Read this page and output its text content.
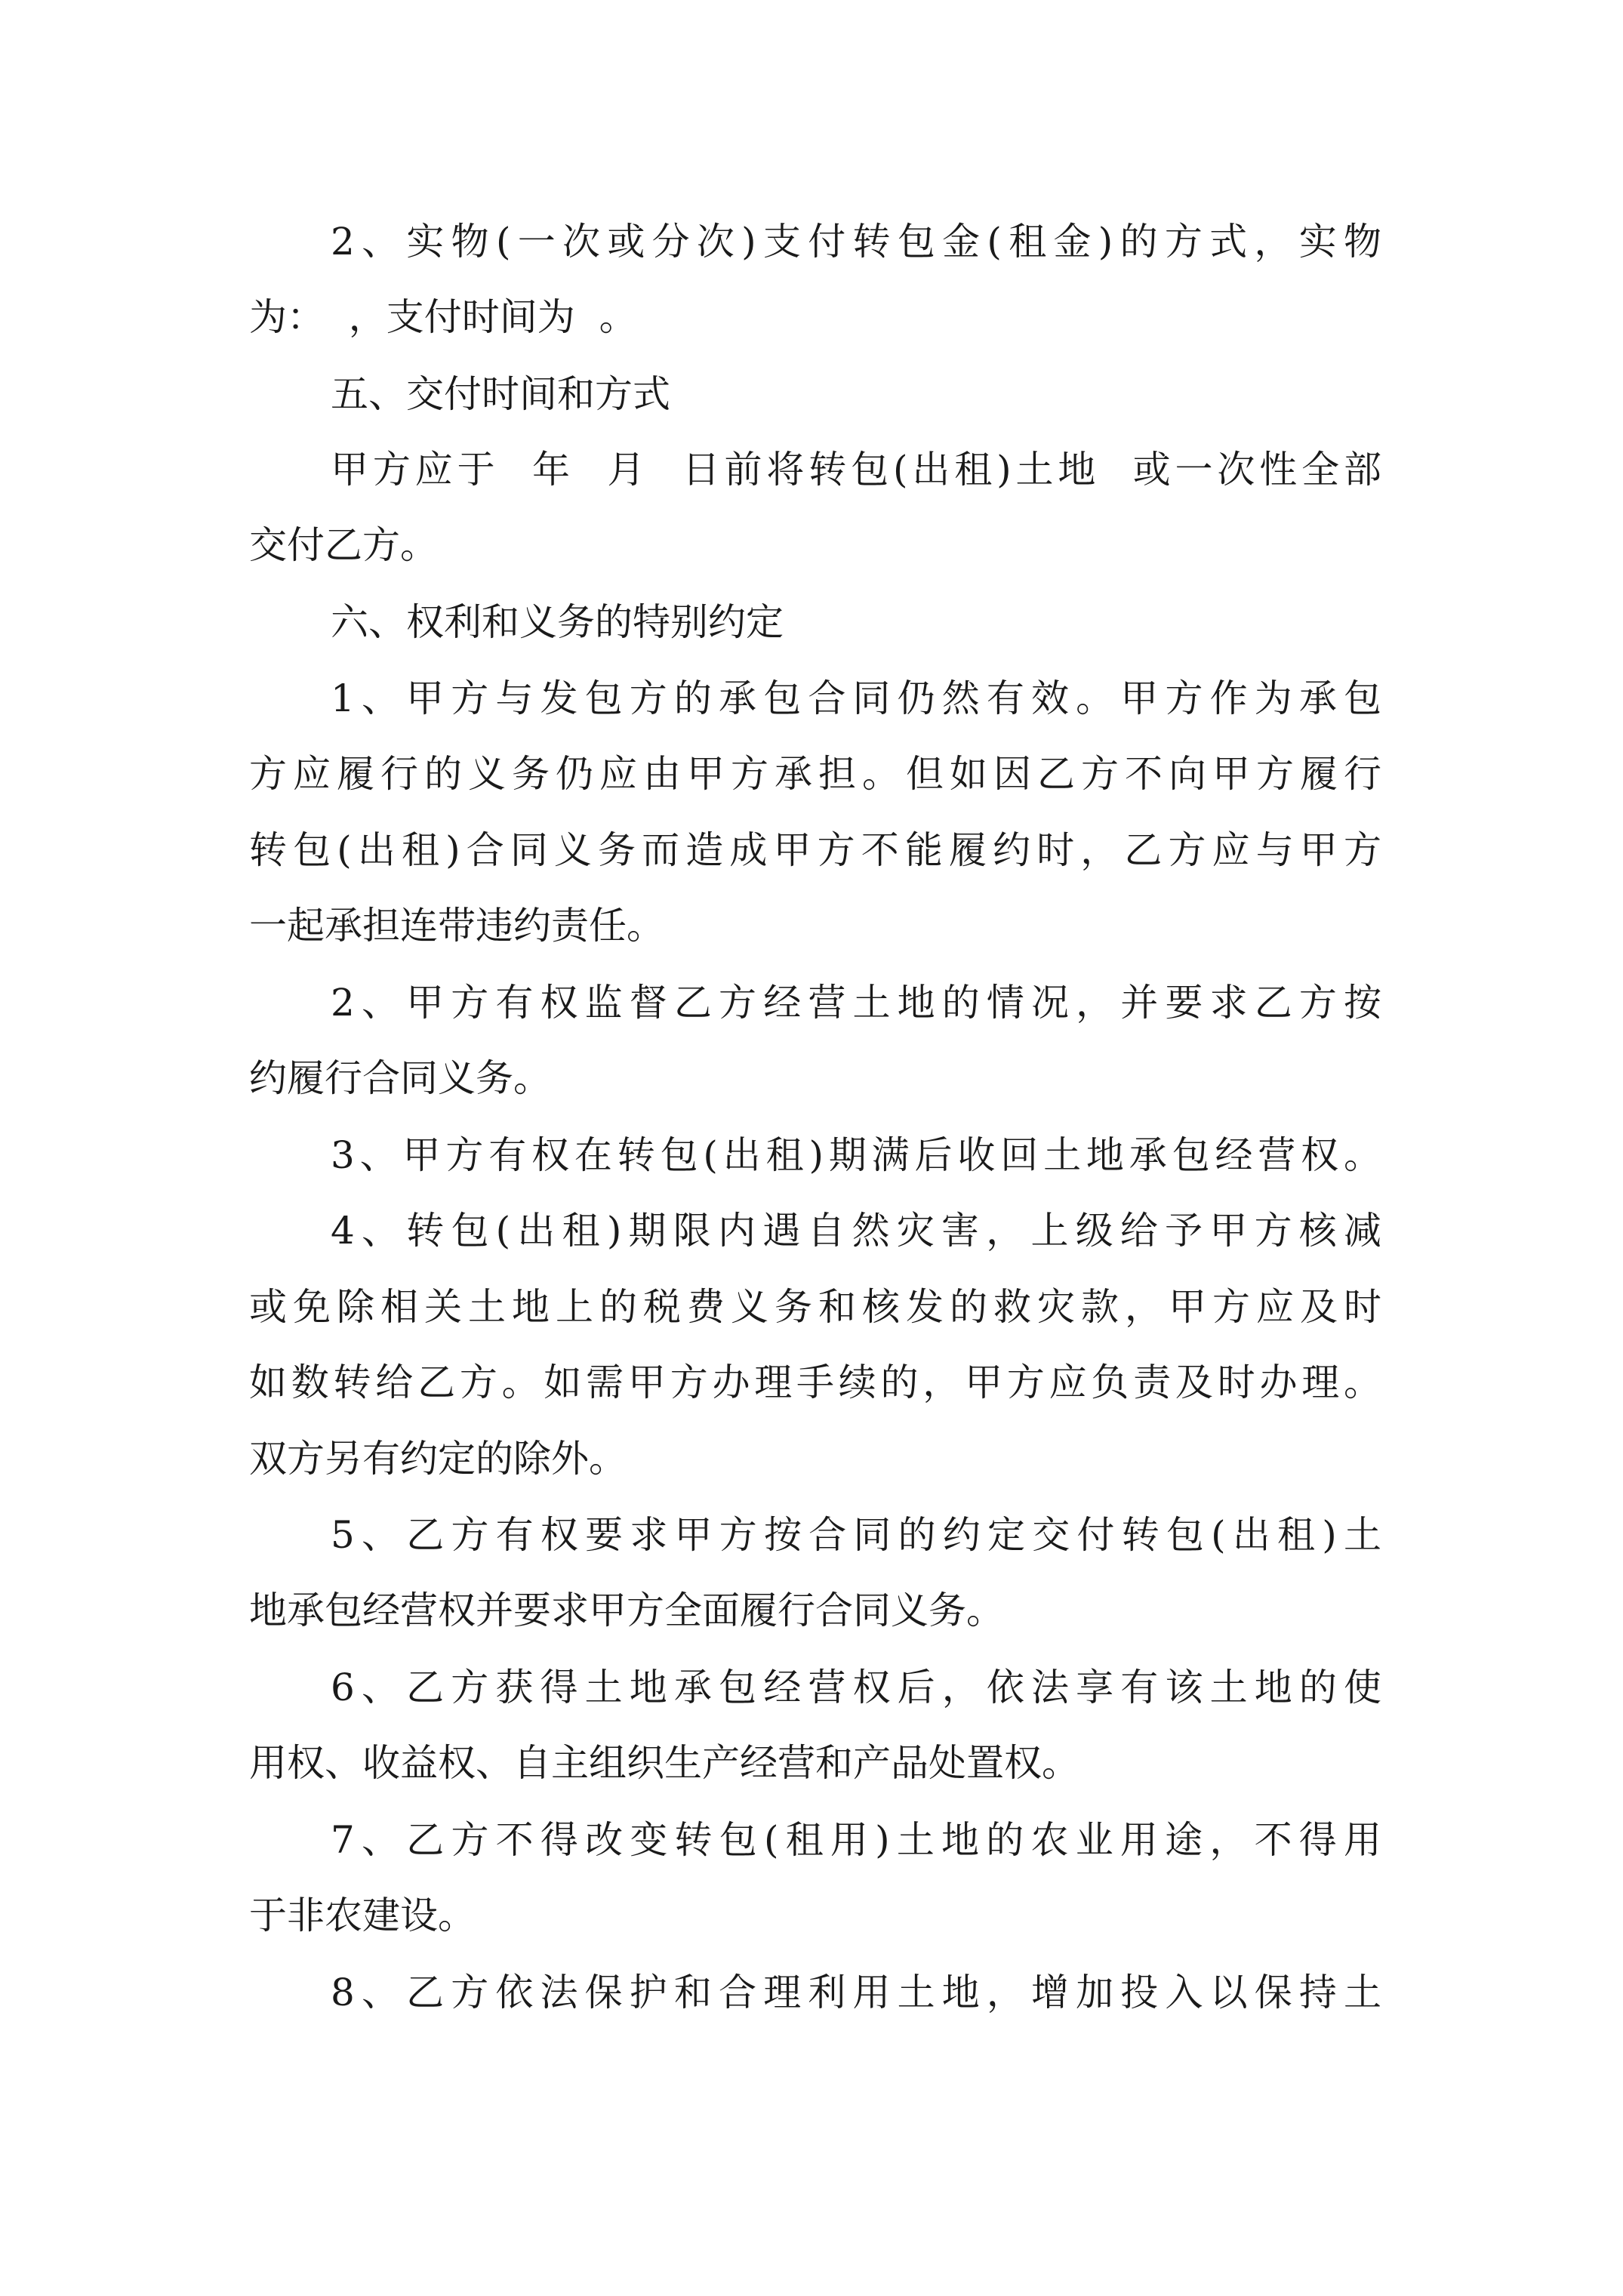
2、实物(一次或分次)支付转包金(租金)的方式，实物
为：  ，支付时间为  。
五、交付时间和方式
甲方应于  年  月  日前将转包(出租)土地  或一次性全部
交付乙方。
六、权利和义务的特别约定
1、甲方与发包方的承包合同仍然有效。甲方作为承包
方应履行的义务仍应由甲方承担。但如因乙方不向甲方履行
转包(出租)合同义务而造成甲方不能履约时，乙方应与甲方
一起承担连带违约责任。
2、甲方有权监督乙方经营土地的情况，并要求乙方按
约履行合同义务。
3、甲方有权在转包(出租)期满后收回土地承包经营权。
4、转包(出租)期限内遇自然灾害，上级给予甲方核减
或免除相关土地上的税费义务和核发的救灾款，甲方应及时
如数转给乙方。如需甲方办理手续的，甲方应负责及时办理。
双方另有约定的除外。
5、乙方有权要求甲方按合同的约定交付转包(出租)土
地承包经营权并要求甲方全面履行合同义务。
6、乙方获得土地承包经营权后，依法享有该土地的使
用权、收益权、自主组织生产经营和产品处置权。
7、乙方不得改变转包(租用)土地的农业用途，不得用
于非农建设。
8、乙方依法保护和合理利用土地，增加投入以保持土
